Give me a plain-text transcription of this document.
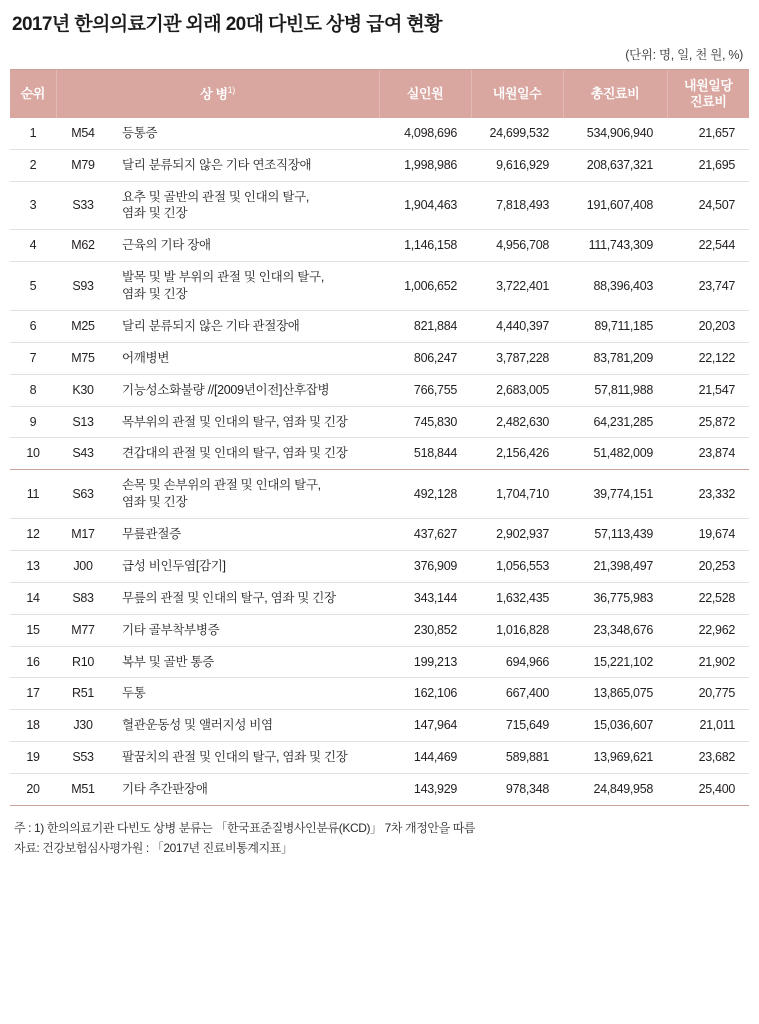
2017년 한의의료기관 외래 20대 다빈도 상병 급여 현황
(단위: 명, 일, 천 원, %)
순위	상 병$^{1)}$		실인원	내원일수	총진료비	내원일당
진료비
1	M54	등통증	4,098,696	24,699,532	534,906,940	21,657
2	M79	달리 분류되지 않은 기타 연조직장애	1,998,986	9,616,929	208,637,321	21,695
3	S33	요추 및 골반의 관절 및 인대의 탈구,
염좌 및 긴장	1,904,463	7,818,493	191,607,408	24,507
4	M62	근육의 기타 장애	1,146,158	4,956,708	111,743,309	22,544
5	S93	발목 및 발 부위의 관절 및 인대의 탈구,
염좌 및 긴장	1,006,652	3,722,401	88,396,403	23,747
6	M25	달리 분류되지 않은 기타 관절장애	821,884	4,440,397	89,711,185	20,203
7	M75	어깨병변	806,247	3,787,228	83,781,209	22,122
8	K30	기능성소화불량 //[2009년이전]산후잡병	766,755	2,683,005	57,811,988	21,547
9	S13	목부위의 관절 및 인대의 탈구, 염좌 및 긴장	745,830	2,482,630	64,231,285	25,872
10	S43	견갑대의 관절 및 인대의 탈구, 염좌 및 긴장	518,844	2,156,426	51,482,009	23,874
11	S63	손목 및 손부위의 관절 및 인대의 탈구,
염좌 및 긴장	492,128	1,704,710	39,774,151	23,332
12	M17	무릎관절증	437,627	2,902,937	57,113,439	19,674
13	J00	급성 비인두염[감기]	376,909	1,056,553	21,398,497	20,253
14	S83	무릎의 관절 및 인대의 탈구, 염좌 및 긴장	343,144	1,632,435	36,775,983	22,528
15	M77	기타 골부착부병증	230,852	1,016,828	23,348,676	22,962
16	R10	복부 및 골반 통증	199,213	694,966	15,221,102	21,902
17	R51	두통	162,106	667,400	13,865,075	20,775
18	J30	혈관운동성 및 앨러지성 비염	147,964	715,649	15,036,607	21,011
19	S53	팔꿈치의 관절 및 인대의 탈구, 염좌 및 긴장	144,469	589,881	13,969,621	23,682
20	M51	기타 추간판장애	143,929	978,348	24,849,958	25,400
주 : 1) 한의의료기관 다빈도 상병 분류는 「한국표준질병사인분류(KCD)」 7차 개정안을 따름
자료: 건강보험심사평가원 : 「2017년 진료비통계지표」
